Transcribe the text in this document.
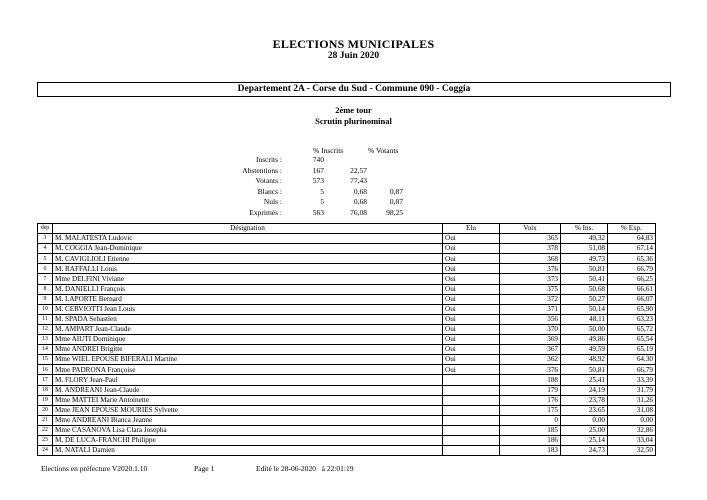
ELECTIONS MUNICIPALES
28 Juin 2020
Departement 2A - Corse du Sud - Commune 090 - Coggia
2ème tour
Scrutin plurinominal
% Inscrits	% Votants
Inscrits :	740
Abstentions :	167	22,57
Votants :	573	77,43
Blancs :	5	0,68	0,87
Nuls :	5	0,68	0,87
Exprimés :	563	76,08	98,25
dep	Désignation	Elu	Voix	% Ins.	% Exp.
3	M. MALATESTA Ludovic	Oui	365	49,32	64,83
4	M. COGGIA Jean-Dominique	Oui	378	51,08	67,14
5	M. CAVIGLIOLI Etienne	Oui	368	49,73	65,36
6	M. RAFFALLI Louis	Oui	376	50,81	66,79
7	Mme DELFINI Viviane	Oui	373	50,41	66,25
8	M. DANIELLI François	Oui	375	50,68	66,61
9	M. LAPORTE Bernard	Oui	372	50,27	66,07
10	M. CERVIOTTI Jean Louis	Oui	371	50,14	65,90
11	M. SPADA Sebastien	Oui	356	48,11	63,23
12	M. AMPART Jean-Claude	Oui	370	50,00	65,72
13	Mme AIUTI Dominique	Oui	369	49,86	65,54
14	Mme ANDREI Brigitte	Oui	367	49,59	65,19
15	Mme WIEL EPOUSE BIFERALI Martine	Oui	362	48,92	64,30
16	Mme PADRONA Françoise	Oui	376	50,81	66,79
17	M. FLORY Jean-Paul		188	25,41	33,39
18	M. ANDREANI Jean-Claude		179	24,19	31,79
19	Mme MATTEI Marie Antoinette		176	23,78	31,26
20	Mme JEAN EPOUSE MOURIES Sylvette		175	23,65	31,08
21	Mme ANDREANI Bianca Jeanne		0	0,00	0,00
22	Mme CASANOVA Lisa Clara Josepha		185	25,00	32,86
23	M. DE LUCA-FRANCHI Philippe		186	25,14	33,04
24	M. NATALI Damien		183	24,73	32,50
Elections en préfecture V2020.1.10	Page 1	Edité le 28-06-2020   à 22:01:19
